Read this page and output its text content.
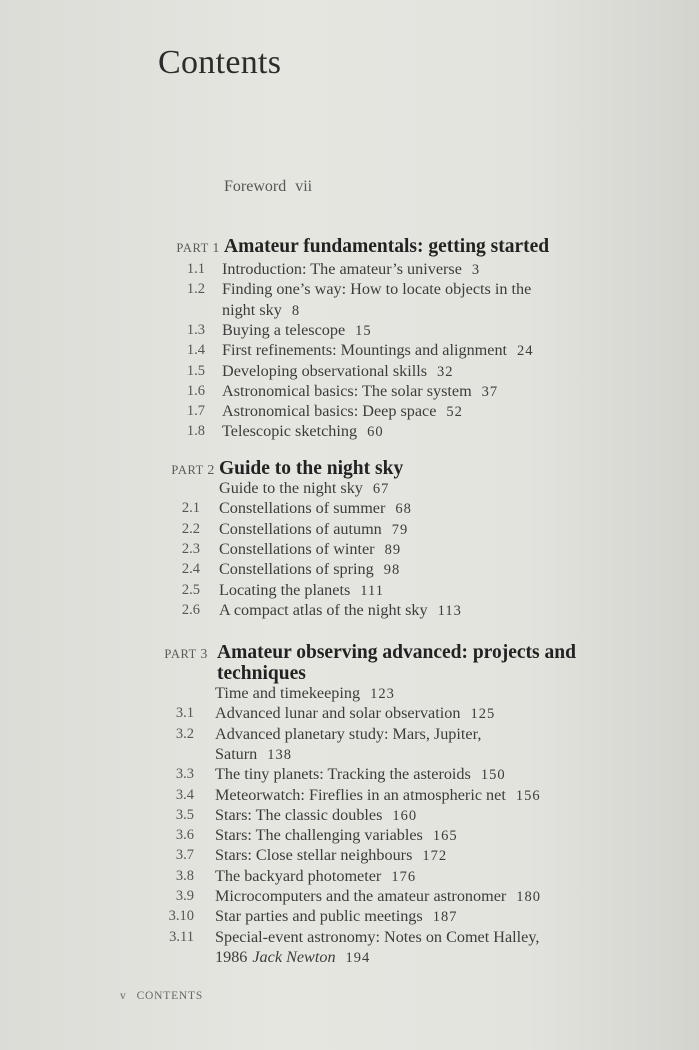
Contents
Foreword vii
PART 1 Amateur fundamentals: getting started
1.1 Introduction: The amateur’s universe 3
1.2 Finding one’s way: How to locate objects in the
night sky 8
1.3 Buying a telescope 15
1.4 First refinements: Mountings and alignment 24
1.5 Developing observational skills 32
1.6 Astronomical basics: The solar system 37
1.7 Astronomical basics: Deep space 52
1.8 Telescopic sketching 60
PART 2 Guide to the night sky
Guide to the night sky 67
2.1 Constellations of summer 68
2.2 Constellations of autumn 79
2.3 Constellations of winter 89
2.4 Constellations of spring 98
2.5 Locating the planets 111
2.6 A compact atlas of the night sky 113
PART 3 Amateur observing advanced: projects and
techniques
Time and timekeeping 123
3.1 Advanced lunar and solar observation 125
3.2 Advanced planetary study: Mars, Jupiter,
Saturn 138
3.3 The tiny planets: Tracking the asteroids 150
3.4 Meteorwatch: Fireflies in an atmospheric net 156
3.5 Stars: The classic doubles 160
3.6 Stars: The challenging variables 165
3.7 Stars: Close stellar neighbours 172
3.8 The backyard photometer 176
3.9 Microcomputers and the amateur astronomer 180
3.10 Star parties and public meetings 187
3.11 Special-event astronomy: Notes on Comet Halley,
1986 Jack Newton 194
v CONTENTS
